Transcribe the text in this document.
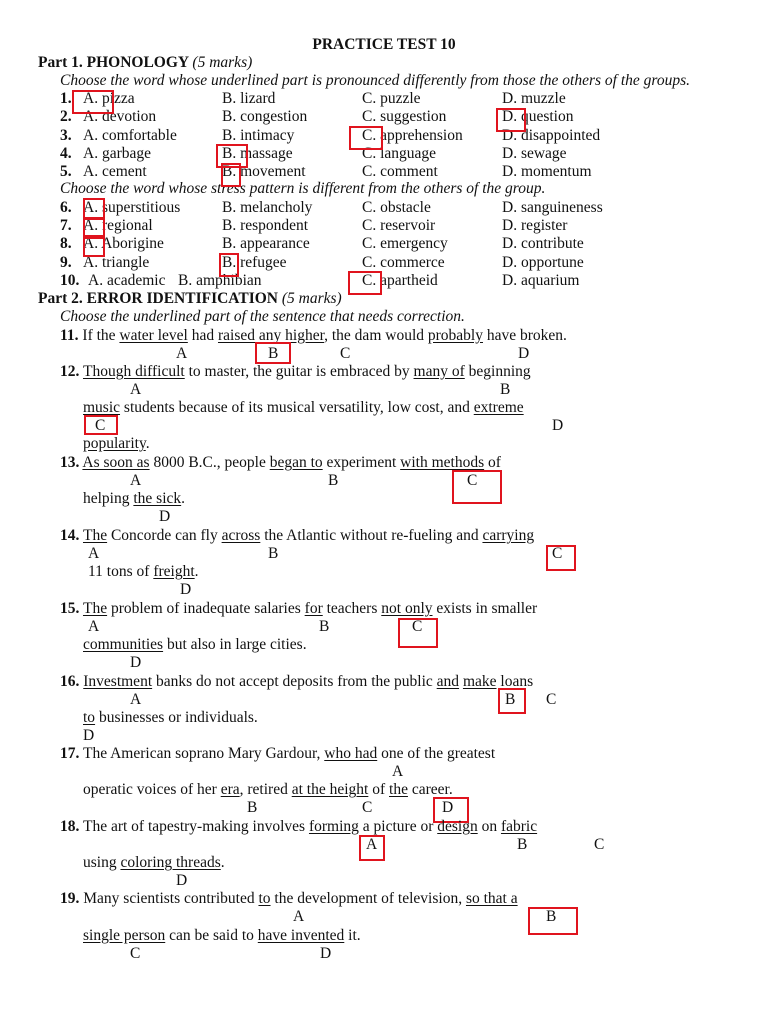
PRACTICE TEST 10
Part 1. PHONOLOGY (5 marks)
Choose the word whose underlined part is pronounced differently from those the others of the groups.
1. A. pizza	B. lizard	C. puzzle	D. muzzle
2. A. devotion	B. congestion	C. suggestion	D. question
3. A. comfortable	B. intimacy	C. apprehension	D. disappointed
4. A. garbage	B. massage	C. language	D. sewage
5. A. cement	B. movement	C. comment	D. momentum
6. A. superstitious	B. melancholy	C. obstacle	D. sanguineness
7. A. regional	B. respondent	C. reservoir	D. register
8. A. Aborigine	B. appearance	C. emergency	D. contribute
9. A. triangle	B. refugee	C. commerce	D. opportune
10. A. academic B. amphibian	C. apartheid	D. aquarium
Choose the word whose stress pattern is different from the others of the group.
Part 2. ERROR IDENTIFICATION (5 marks)
Choose the underlined part of the sentence that needs correction.
11. If the water level had raised any higher, the dam would probably have broken.
A	B	C	D
12. Though difficult to master, the guitar is embraced by many of beginning
A	B
music students because of its musical versatility, low cost, and extreme
C	D
popularity.
13. As soon as 8000 B.C., people began to experiment with methods of
A	B	C
helping the sick.
D
14. The Concorde can fly across the Atlantic without re-fueling and carrying
A	B	C
11 tons of freight.
D
15. The problem of inadequate salaries for teachers not only exists in smaller
A	B	C
communities but also in large cities.
D
16. Investment banks do not accept deposits from the public and make loans
A	B C
to businesses or individuals.
D
17. The American soprano Mary Gardour, who had one of the greatest
A
operatic voices of her era, retired at the height of the career.
B	C	D
18. The art of tapestry-making involves forming a picture or design on fabric
A	B	C
using coloring threads.
D
19. Many scientists contributed to the development of television, so that a
A	B
single person can be said to have invented it.
C	D
